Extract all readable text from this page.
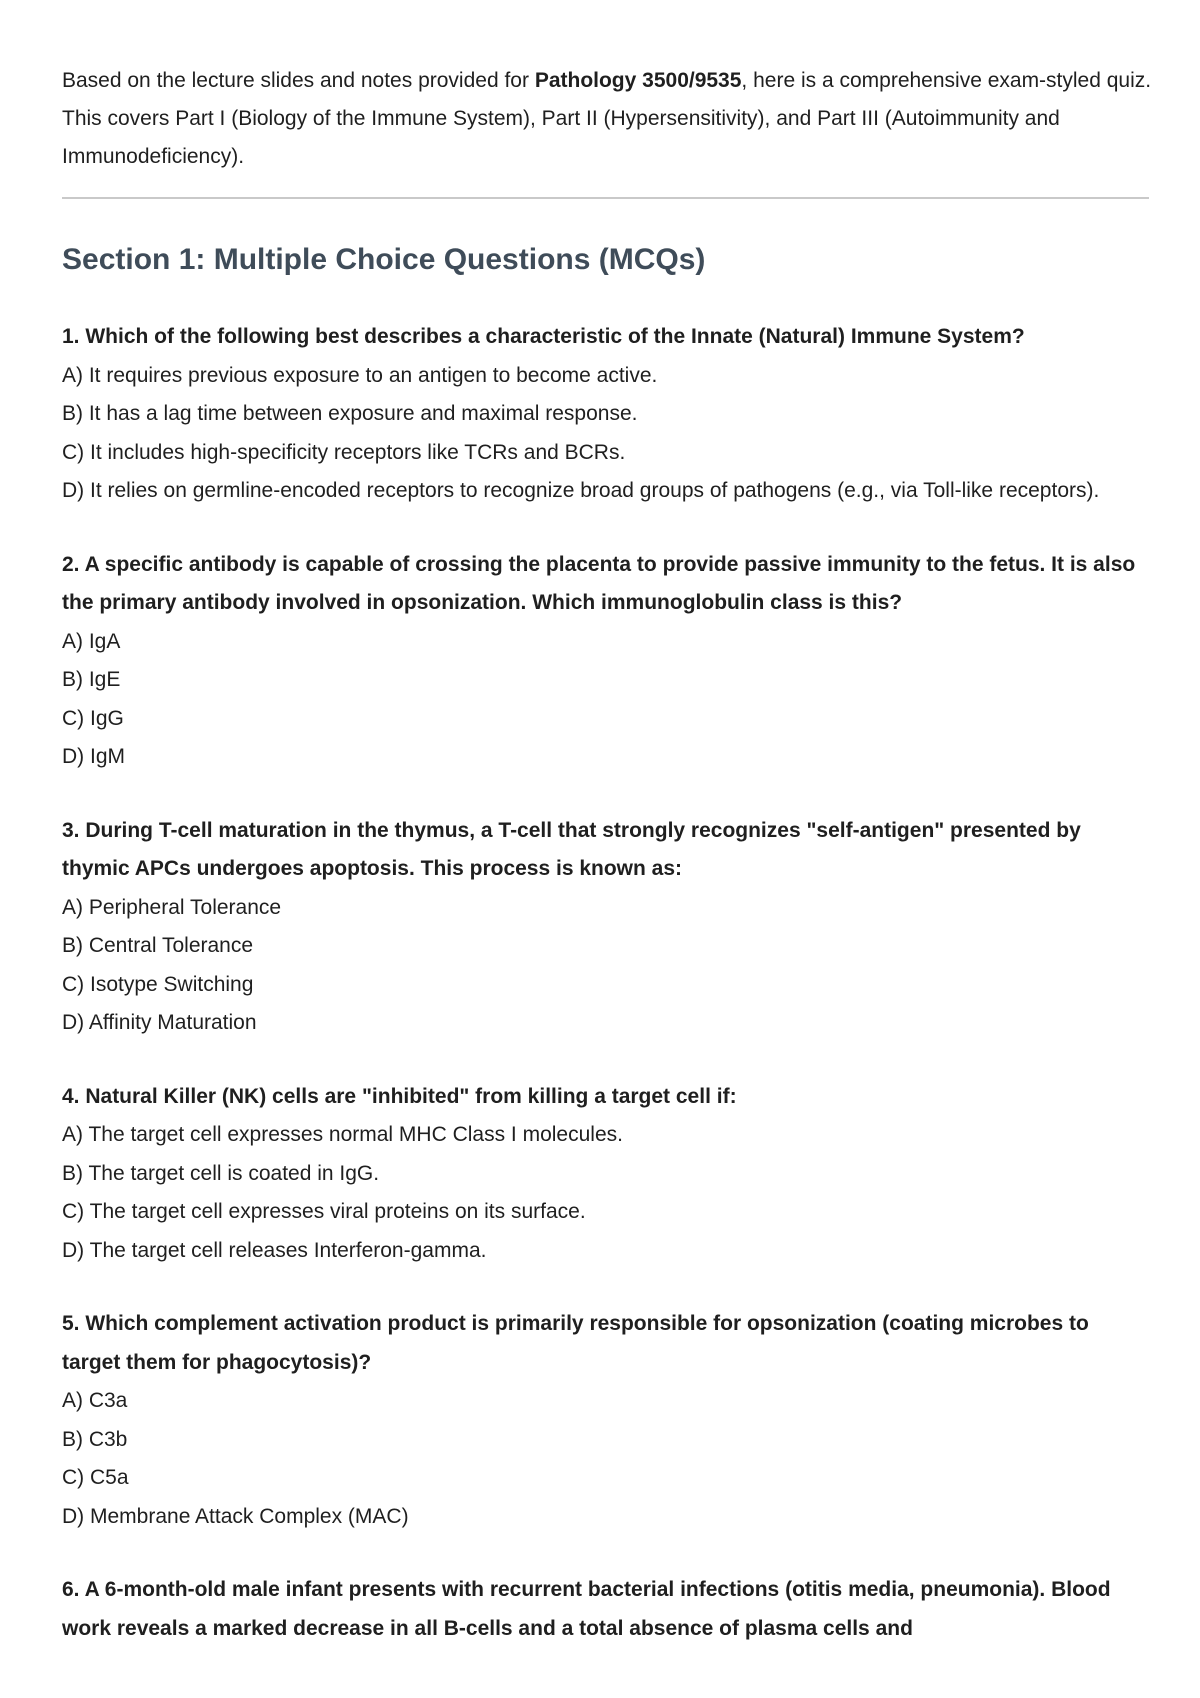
Based on the lecture slides and notes provided for Pathology 3500/9535, here is a comprehensive exam-styled quiz. This covers Part I (Biology of the Immune System), Part II (Hypersensitivity), and Part III (Autoimmunity and Immunodeficiency).

Section 1: Multiple Choice Questions (MCQs)

1. Which of the following best describes a characteristic of the Innate (Natural) Immune System?

A) It requires previous exposure to an antigen to become active.

B) It has a lag time between exposure and maximal response.

C) It includes high-specificity receptors like TCRs and BCRs.

D) It relies on germline-encoded receptors to recognize broad groups of pathogens (e.g., via Toll-like receptors).

2. A specific antibody is capable of crossing the placenta to provide passive immunity to the fetus. It is also the primary antibody involved in opsonization. Which immunoglobulin class is this?

A) IgA

B) IgE

C) IgG

D) IgM

3. During T-cell maturation in the thymus, a T-cell that strongly recognizes "self-antigen" presented by thymic APCs undergoes apoptosis. This process is known as:

A) Peripheral Tolerance

B) Central Tolerance

C) Isotype Switching

D) Affinity Maturation

4. Natural Killer (NK) cells are "inhibited" from killing a target cell if:

A) The target cell expresses normal MHC Class I molecules.

B) The target cell is coated in IgG.

C) The target cell expresses viral proteins on its surface.

D) The target cell releases Interferon-gamma.

5. Which complement activation product is primarily responsible for opsonization (coating microbes to target them for phagocytosis)?

A) C3a

B) C3b

C) C5a

D) Membrane Attack Complex (MAC)

6. A 6-month-old male infant presents with recurrent bacterial infections (otitis media, pneumonia). Blood work reveals a marked decrease in all B-cells and a total absence of plasma cells and
